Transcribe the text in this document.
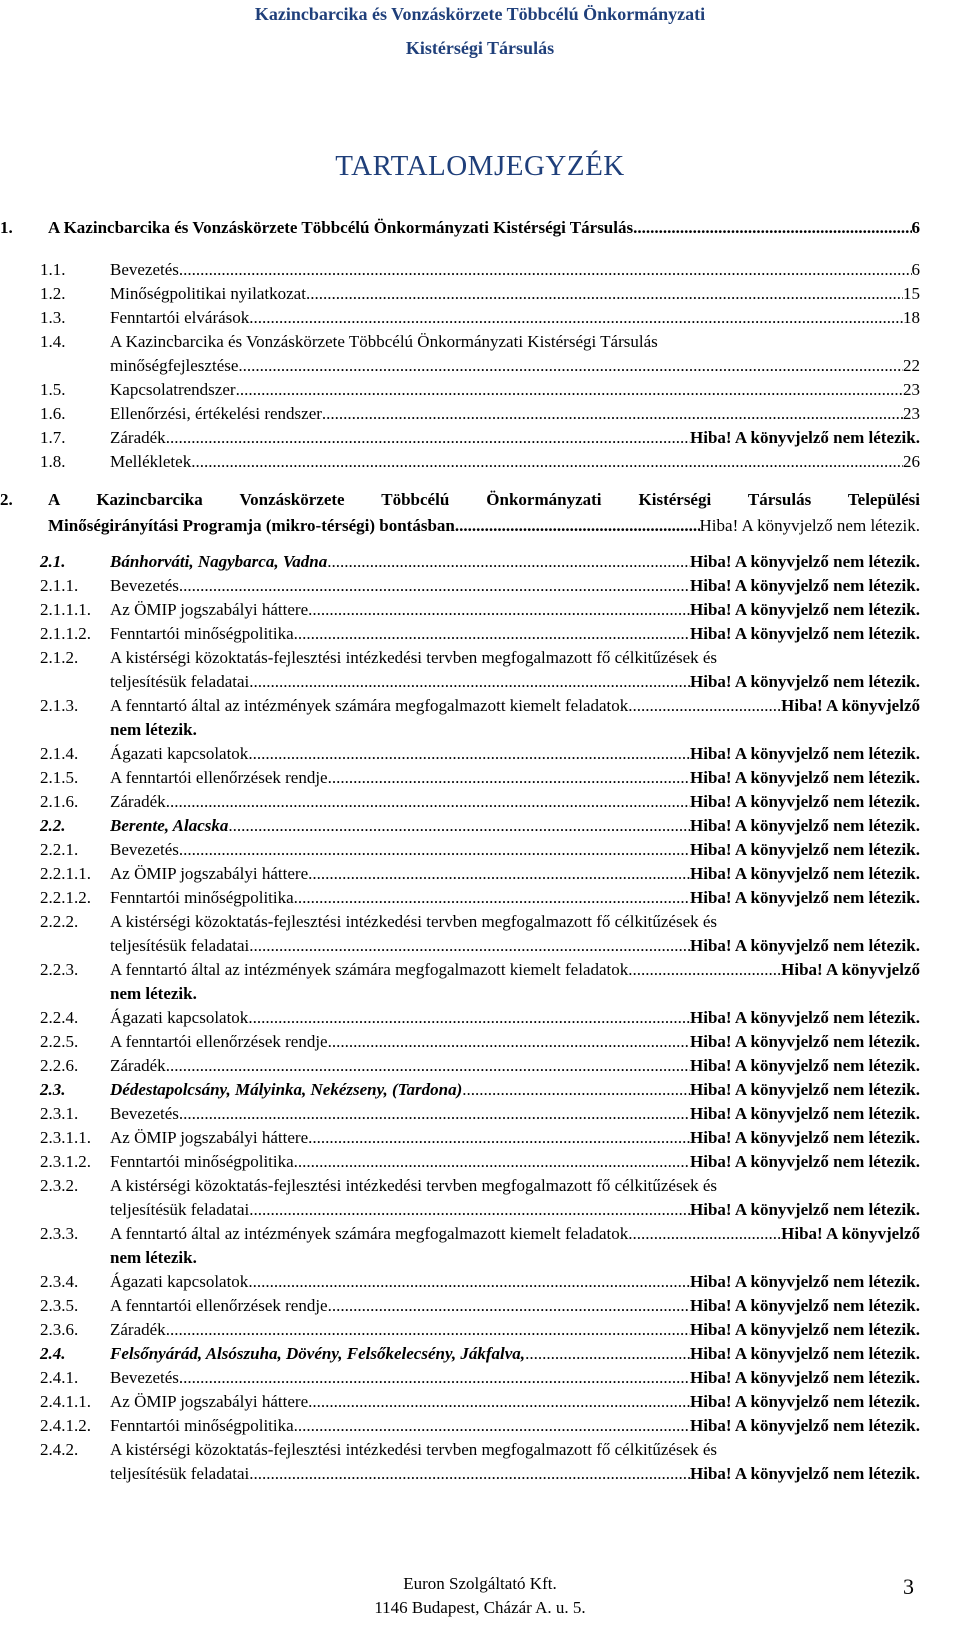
Kazincbarcika és Vonzáskörzete Többcélú Önkormányzati
Kistérségi Társulás
TARTALOMJEGYZÉK
1. A Kazincbarcika és Vonzáskörzete Többcélú Önkormányzati Kistérségi Társulás .....	6
1.1.	Bevezetés .....	6
1.2.	Minőségpolitikai nyilatkozat .....	15
1.3.	Fenntartói elvárások .....	18
1.4.	A Kazincbarcika és Vonzáskörzete Többcélú Önkormányzati Kistérségi Társulás
minőségfejlesztése .....	22
1.5.	Kapcsolatrendszer .....	23
1.6.	Ellenőrzési, értékelési rendszer .....	23
1.7.	Záradék .....	Hiba! A könyvjelző nem létezik.
1.8.	Mellékletek .....	26
2. A Kazincbarcika Vonzáskörzete Többcélú Önkormányzati Kistérségi Társulás Települési
Minőségirányítási Programja (mikro-térségi) bontásban .....	Hiba! A könyvjelző nem létezik.
2.1.	Bánhorváti, Nagybarca, Vadna .....	Hiba! A könyvjelző nem létezik.
2.1.1. Bevezetés .....	Hiba! A könyvjelző nem létezik.
2.1.1.1. Az ÖMIP jogszabályi háttere .....	Hiba! A könyvjelző nem létezik.
2.1.1.2. Fenntartói minőségpolitika .....	Hiba! A könyvjelző nem létezik.
2.1.2. A kistérségi közoktatás-fejlesztési intézkedési tervben megfogalmazott fő célkitűzések és
teljesítésük feladatai .....	Hiba! A könyvjelző nem létezik.
2.1.3. A fenntartó által az intézmények számára megfogalmazott kiemelt feladatok .....	Hiba! A könyvjelző
nem létezik.
2.1.4. Ágazati kapcsolatok .....	Hiba! A könyvjelző nem létezik.
2.1.5. A fenntartói ellenőrzések rendje .....	Hiba! A könyvjelző nem létezik.
2.1.6. Záradék .....	Hiba! A könyvjelző nem létezik.
2.2.	Berente, Alacska .....	Hiba! A könyvjelző nem létezik.
2.2.1. Bevezetés .....	Hiba! A könyvjelző nem létezik.
2.2.1.1. Az ÖMIP jogszabályi háttere .....	Hiba! A könyvjelző nem létezik.
2.2.1.2. Fenntartói minőségpolitika .....	Hiba! A könyvjelző nem létezik.
2.2.2. A kistérségi közoktatás-fejlesztési intézkedési tervben megfogalmazott fő célkitűzések és
teljesítésük feladatai .....	Hiba! A könyvjelző nem létezik.
2.2.3. A fenntartó által az intézmények számára megfogalmazott kiemelt feladatok .....	Hiba! A könyvjelző
nem létezik.
2.2.4. Ágazati kapcsolatok .....	Hiba! A könyvjelző nem létezik.
2.2.5. A fenntartói ellenőrzések rendje .....	Hiba! A könyvjelző nem létezik.
2.2.6. Záradék .....	Hiba! A könyvjelző nem létezik.
2.3.	Dédestapolcsány, Mályinka, Nekézseny, (Tardona) .....	Hiba! A könyvjelző nem létezik.
2.3.1. Bevezetés .....	Hiba! A könyvjelző nem létezik.
2.3.1.1. Az ÖMIP jogszabályi háttere .....	Hiba! A könyvjelző nem létezik.
2.3.1.2. Fenntartói minőségpolitika .....	Hiba! A könyvjelző nem létezik.
2.3.2. A kistérségi közoktatás-fejlesztési intézkedési tervben megfogalmazott fő célkitűzések és
teljesítésük feladatai .....	Hiba! A könyvjelző nem létezik.
2.3.3. A fenntartó által az intézmények számára megfogalmazott kiemelt feladatok .....	Hiba! A könyvjelző
nem létezik.
2.3.4. Ágazati kapcsolatok .....	Hiba! A könyvjelző nem létezik.
2.3.5. A fenntartói ellenőrzések rendje .....	Hiba! A könyvjelző nem létezik.
2.3.6. Záradék .....	Hiba! A könyvjelző nem létezik.
2.4.	Felsőnyárád, Alsószuha, Dövény, Felsőkelecsény, Jákfalva, .....	Hiba! A könyvjelző nem létezik.
2.4.1. Bevezetés .....	Hiba! A könyvjelző nem létezik.
2.4.1.1. Az ÖMIP jogszabályi háttere .....	Hiba! A könyvjelző nem létezik.
2.4.1.2. Fenntartói minőségpolitika .....	Hiba! A könyvjelző nem létezik.
2.4.2. A kistérségi közoktatás-fejlesztési intézkedési tervben megfogalmazott fő célkitűzések és
teljesítésük feladatai .....	Hiba! A könyvjelző nem létezik.
Euron Szolgáltató Kft.
1146 Budapest, Cházár A. u. 5.
3
